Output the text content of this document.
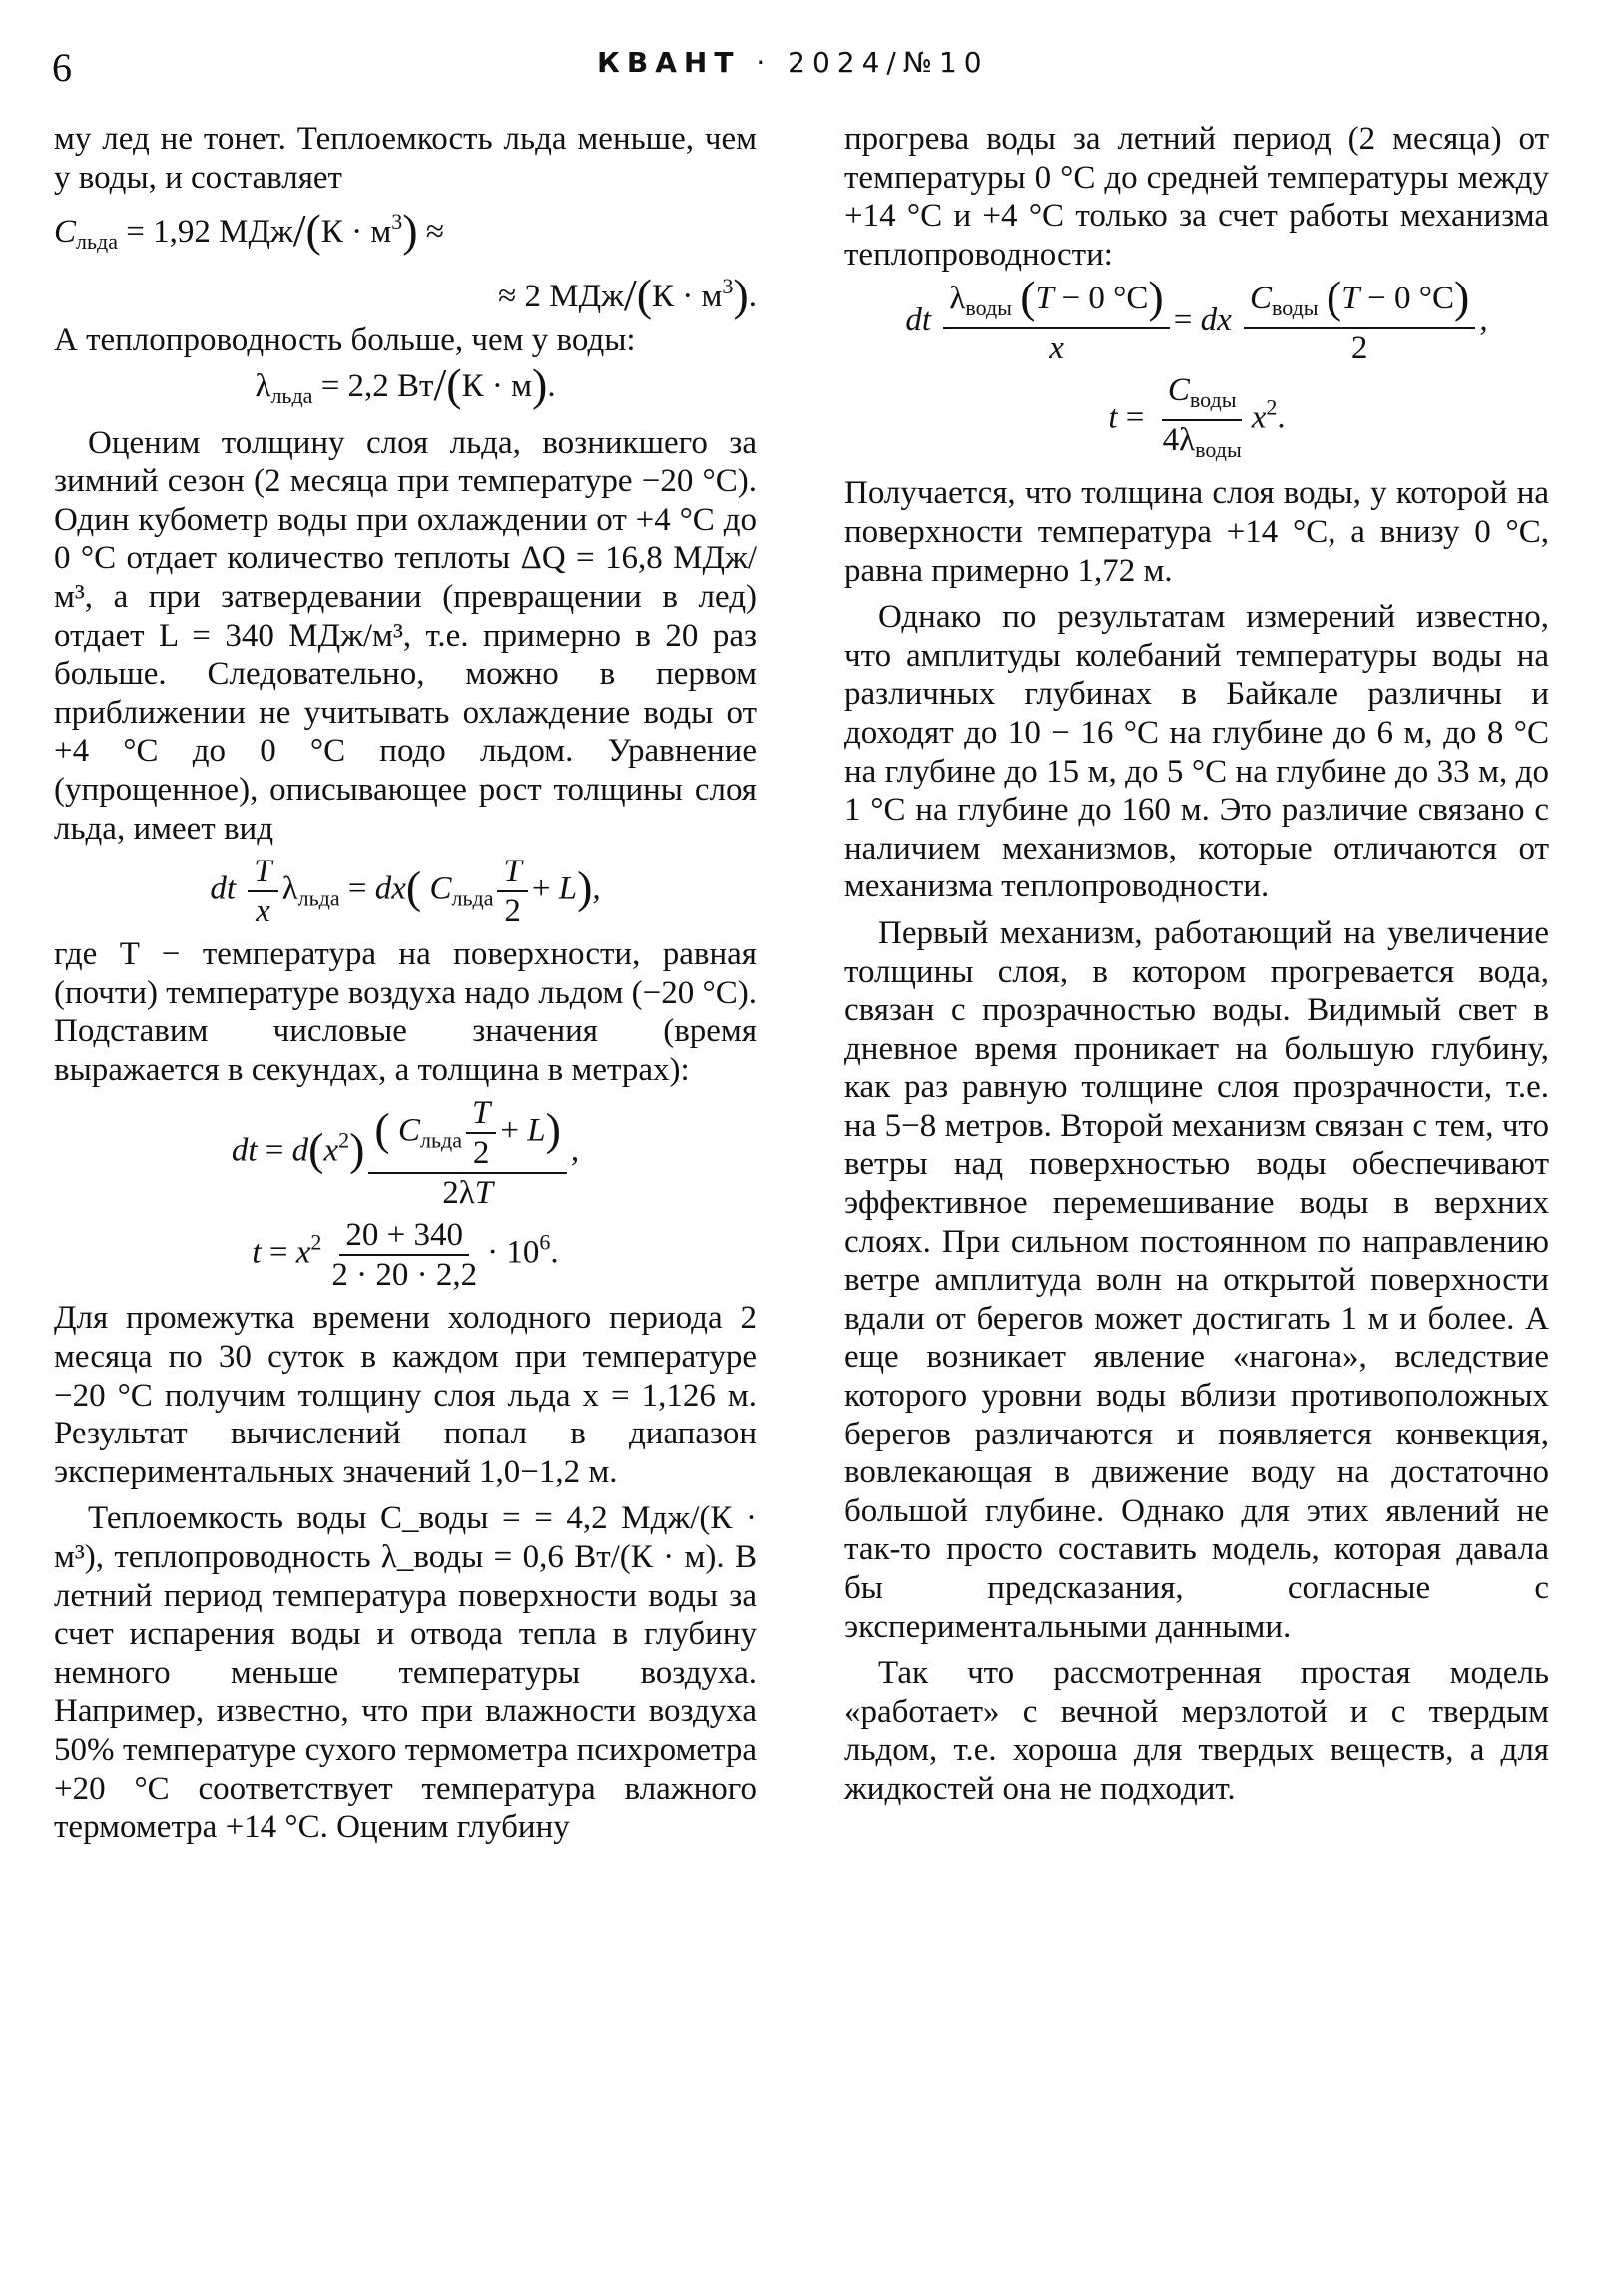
6	КВАНТ · 2024/№10

му лед не тонет. Теплоемкость льда меньше, чем у воды, и составляет

$C_{льда} = 1,92$ $МДж/(К \cdot м^3)$ ≈
≈ 2 $МДж/(К \cdot м^3)$.

А теплопроводность больше, чем у воды:

$\lambda_{льда} = 2,2$ Вт/(К · м).

Оценим толщину слоя льда, возникшего за зимний сезон (2 месяца при температуре −20 °С). Один кубометр воды при охлаждении от +4 °С до 0 °С отдает количество теплоты ΔQ = 16,8 МДж/м³, а при затвердевании (превращении в лед) отдает L = 340 МДж/м³, т.е. примерно в 20 раз больше. Следовательно, можно в первом приближении не учитывать охлаждение воды от +4 °С до 0 °С подо льдом. Уравнение (упрощенное), описывающее рост толщины слоя льда, имеет вид

dt $\frac{T}{x} \lambda_{льда} = dx$( $C_{льда} \frac{T}{2} + L$),

где T − температура на поверхности, равная (почти) температуре воздуха надо льдом (−20 °С). Подставим числовые значения (время выражается в секундах, а толщина в метрах):

dt = $d(x^2) \frac{( C_{льда} \frac{T}{2} + L)}{2\lambda T}$ ,
$t = x^2 \frac{20 + 340}{2 \cdot 20 \cdot 2,2} \cdot 10^6$.

Для промежутка времени холодного периода 2 месяца по 30 суток в каждом при температуре −20 °С получим толщину слоя льда x = 1,126 м. Результат вычислений попал в диапазон экспериментальных значений 1,0−1,2 м.

Теплоемкость воды C_воды = = 4,2 Мдж/(К · м³), теплопроводность λ_воды = 0,6 Вт/(К · м). В летний период температура поверхности воды за счет испарения воды и отвода тепла в глубину немного меньше температуры воздуха. Например, известно, что при влажности воздуха 50% температуре сухого термометра психрометра +20 °С соответствует температура влажного термометра +14 °С. Оценим глубину

прогрева воды за летний период (2 месяца) от температуры 0 °С до средней температуры между +14 °С и +4 °С только за счет работы механизма теплопроводности:

dt $\frac{\lambda_{воды} (T - 0 ^\circ C)}{x}$ = dx $\frac{C_{воды} (T - 0 ^\circ C)}{2}$ ,
$t = \frac{C_{воды}}{4\lambda_{воды}} x^2$.

Получается, что толщина слоя воды, у которой на поверхности температура +14 °С, а внизу 0 °С, равна примерно 1,72 м.

Однако по результатам измерений известно, что амплитуды колебаний температуры воды на различных глубинах в Байкале различны и доходят до 10 − 16 °С на глубине до 6 м, до 8 °С на глубине до 15 м, до 5 °С на глубине до 33 м, до 1 °С на глубине до 160 м. Это различие связано с наличием механизмов, которые отличаются от механизма теплопроводности.

Первый механизм, работающий на увеличение толщины слоя, в котором прогревается вода, связан с прозрачностью воды. Видимый свет в дневное время проникает на большую глубину, как раз равную толщине слоя прозрачности, т.е. на 5−8 метров. Второй механизм связан с тем, что ветры над поверхностью воды обеспечивают эффективное перемешивание воды в верхних слоях. При сильном постоянном по направлению ветре амплитуда волн на открытой поверхности вдали от берегов может достигать 1 м и более. А еще возникает явление «нагона», вследствие которого уровни воды вблизи противоположных берегов различаются и появляется конвекция, вовлекающая в движение воду на достаточно большой глубине. Однако для этих явлений не так-то просто составить модель, которая давала бы предсказания, согласные с экспериментальными данными.

Так что рассмотренная простая модель «работает» с вечной мерзлотой и с твердым льдом, т.е. хороша для твердых веществ, а для жидкостей она не подходит.
